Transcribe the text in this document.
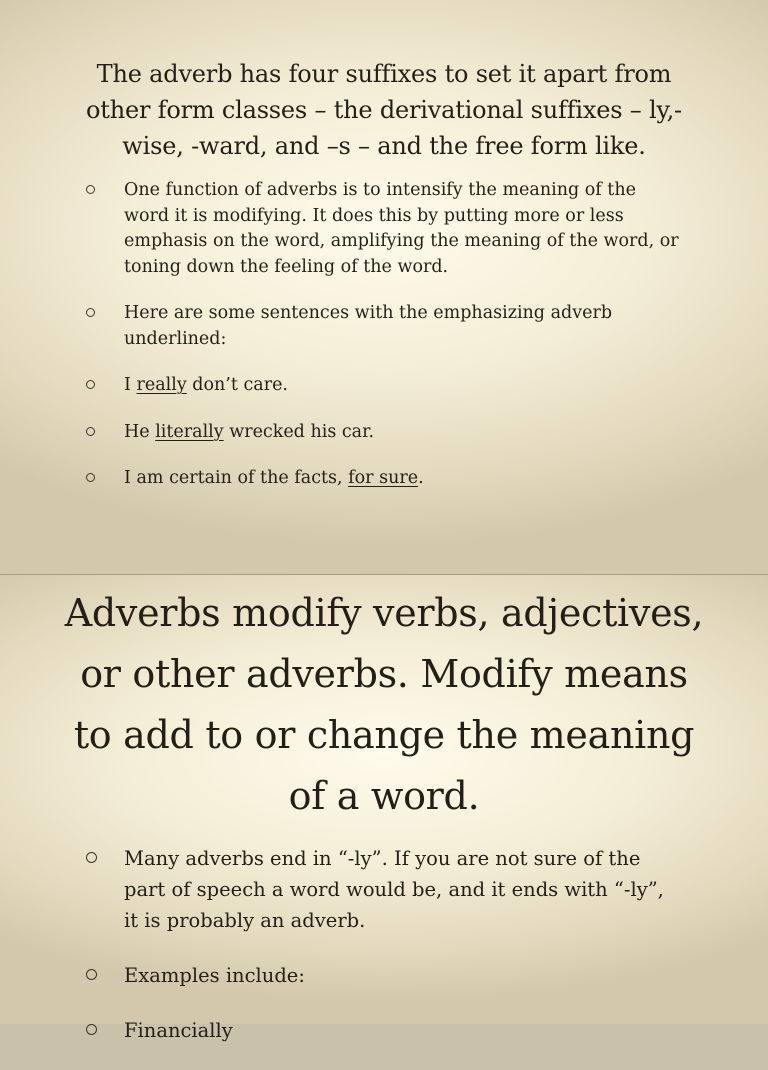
The adverb has four suffixes to set it apart from other form classes – the derivational suffixes – ly,-wise, -ward, and –s – and the free form like.
One function of adverbs is to intensify the meaning of the word it is modifying. It does this by putting more or less emphasis on the word, amplifying the meaning of the word, or toning down the feeling of the word.
Here are some sentences with the emphasizing adverb underlined:
I really don’t care.
He literally wrecked his car.
I am certain of the facts, for sure.
Adverbs modify verbs, adjectives, or other adverbs. Modify means to add to or change the meaning of a word.
Many adverbs end in “-ly”. If you are not sure of the part of speech a word would be, and it ends with “-ly”, it is probably an adverb.
Examples include:
Financially
